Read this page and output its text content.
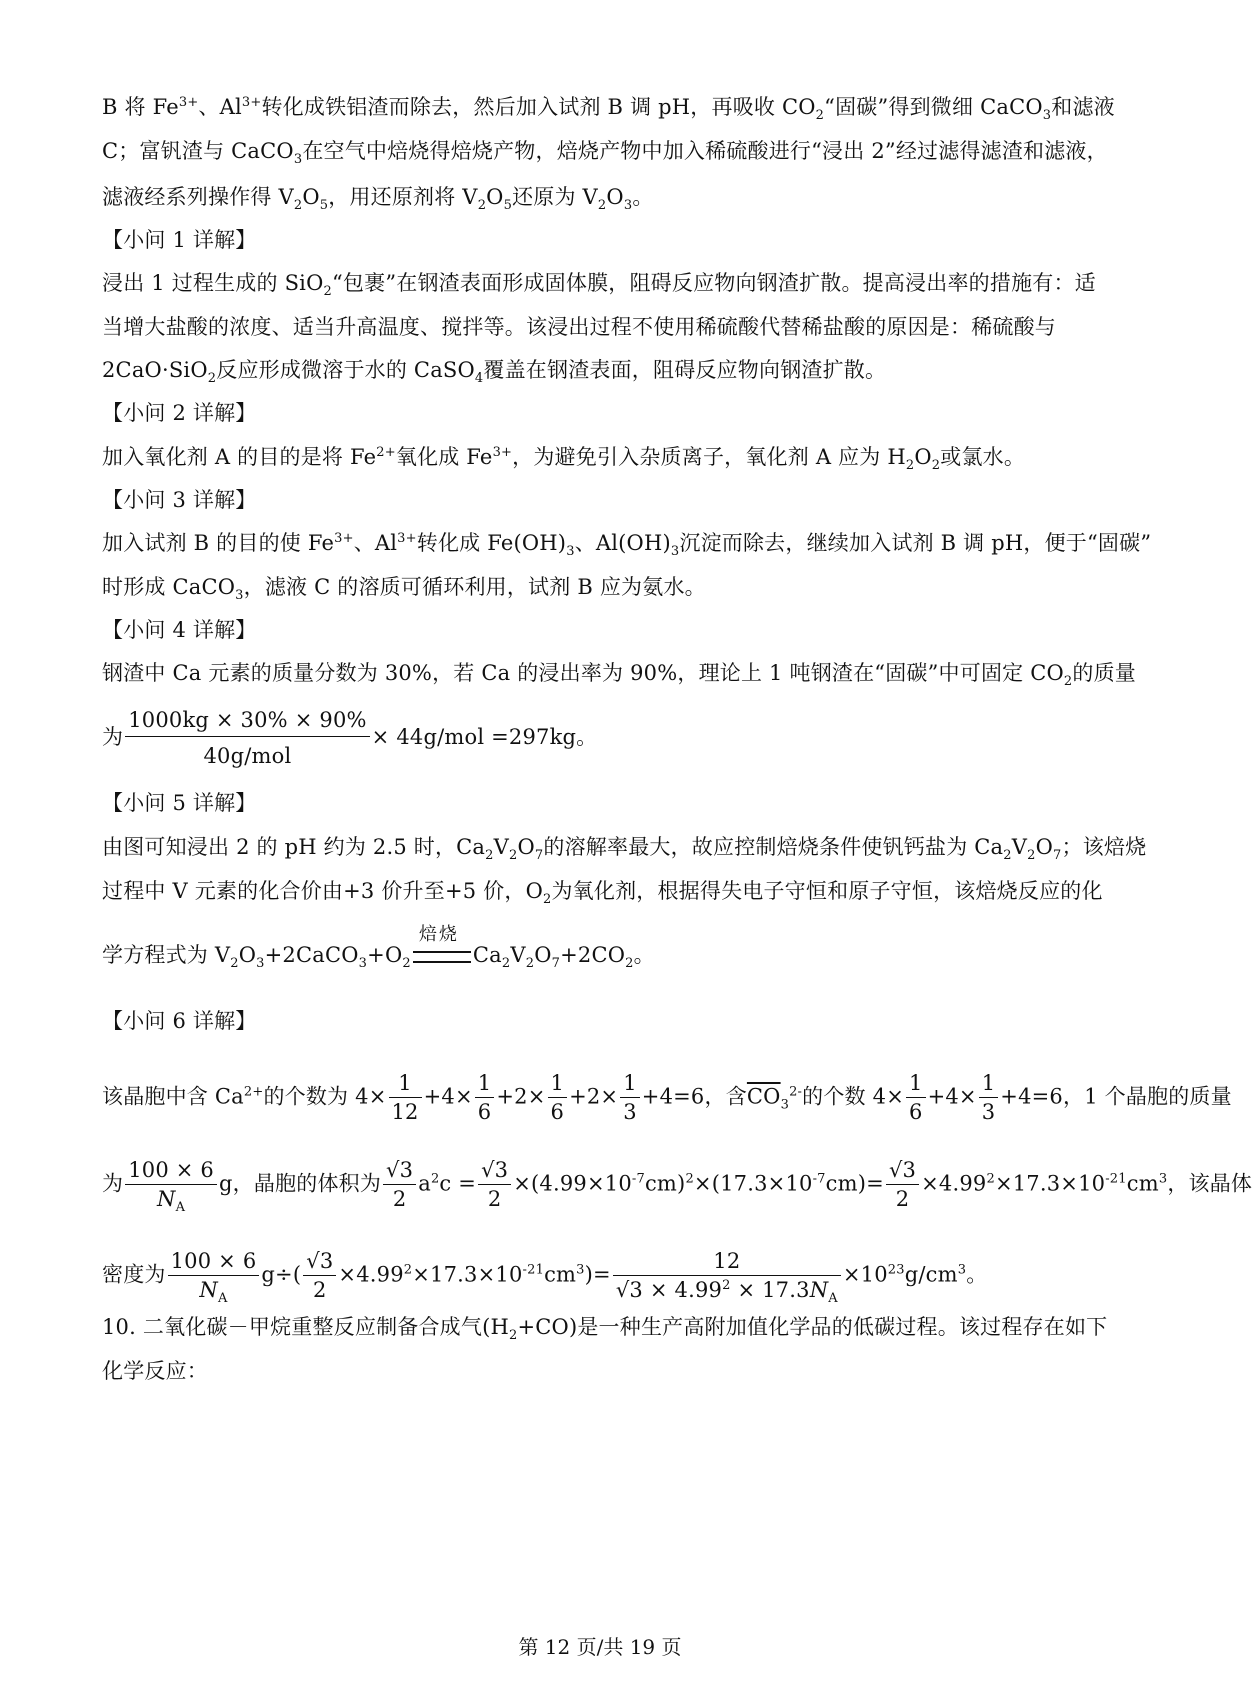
B 将 $Fe^{3+}$、$Al^{3+}$转化成铁铝渣而除去，然后加入试剂 B 调 pH，再吸收 $CO_2“$固碳”得到微细 CaCO$_3$和滤液
C；富钒渣与 CaCO$_3$在空气中焙烧得焙烧产物，焙烧产物中加入稀硫酸进行“浸出 2”经过滤得滤渣和滤液，
滤液经系列操作得 $V_2O_5$，用还原剂将 $V_2O_5$还原为 $V_2O_3$。
【小问 1 详解】
浸出 1 过程生成的 SiO$_2$“包裹”在钢渣表面形成固体膜，阻碍反应物向钢渣扩散。提高浸出率的措施有：适
当增大盐酸的浓度、适当升高温度、搅拌等。该浸出过程不使用稀硫酸代替稀盐酸的原因是：稀硫酸与
2CaO·SiO$_2$反应形成微溶于水的 CaSO$_4$覆盖在钢渣表面，阻碍反应物向钢渣扩散。
【小问 2 详解】
加入氧化剂 A 的目的是将 $Fe^{2+}$氧化成 $Fe^{3+}$，为避免引入杂质离子，氧化剂 A 应为 $H_2O_2$或氯水。
【小问 3 详解】
加入试剂 B 的目的使 $Fe^{3+}$、$Al^{3+}$转化成 $Fe(OH)_3$、$Al(OH)_3$沉淀而除去，继续加入试剂 B 调 pH，便于“固碳”
时形成 CaCO$_3$，滤液 C 的溶质可循环利用，试剂 B 应为氨水。
【小问 4 详解】
钢渣中 Ca 元素的质量分数为 30%，若 Ca 的浸出率为 90%，理论上 1 吨钢渣在“固碳”中可固定 $CO_2$的质量
为 $\frac{1000kg \times 30\% \times 90\%}{\text{40g/mol}} \times 44g/mol =297kg$。
【小问 5 详解】
由图可知浸出 2 的 pH 约为 2.5 时，$Ca_2V_2O_7$的溶解率最大，故应控制焙烧条件使钒钙盐为 $Ca_2V_2O_7$；该焙烧
过程中 V 元素的化合价由+3 价升至+5 价，$O_2$为氧化剂，根据得失电子守恒和原子守恒，该焙烧反应的化
学方程式为 $V_2O_3+2CaCO_3+O_2$
焙烧
$Ca_2V_2O_7+2CO_2$。
【小问 6 详解】
该晶胞中含 $Ca^{2+}$的个数为 $4\times \frac{1}{12} +4\times \frac{1}{6} +2\times \frac{1}{6} +2\times \frac{1}{3} +4=6$，含$\overline{CO}_3^{2-}$的个数 $4\times \frac{1}{6} +4\times \frac{1}{3} +4=6$，1 个晶胞的质量
为 $\frac{100 \times 6}{N_A}$ g，晶胞的体积为 $\frac{√3}{2} a^2c = \frac{√3}{2} \times(4.99\times 10^{-7}cm)^2\times(17.3\times 10^{-7}cm)= \frac{√3}{2} \times 4.99^2\times 17.3\times 10^{-21}cm^3$，该晶体
密度为 $\frac{100 \times 6}{N_A} g\div( \frac{√3}{2} \times 4.99^2\times 17.3\times 10^{-21}cm^3)= \frac{12}{√3 \times 4.99^2 \times 17.3N_A} \times 10^{23}g/cm^3$。
10. 二氧化碳－甲烷重整反应制备合成气$(H_2+CO)$是一种生产高附加值化学品的低碳过程。该过程存在如下
化学反应：
第 12 页/共 19 页
